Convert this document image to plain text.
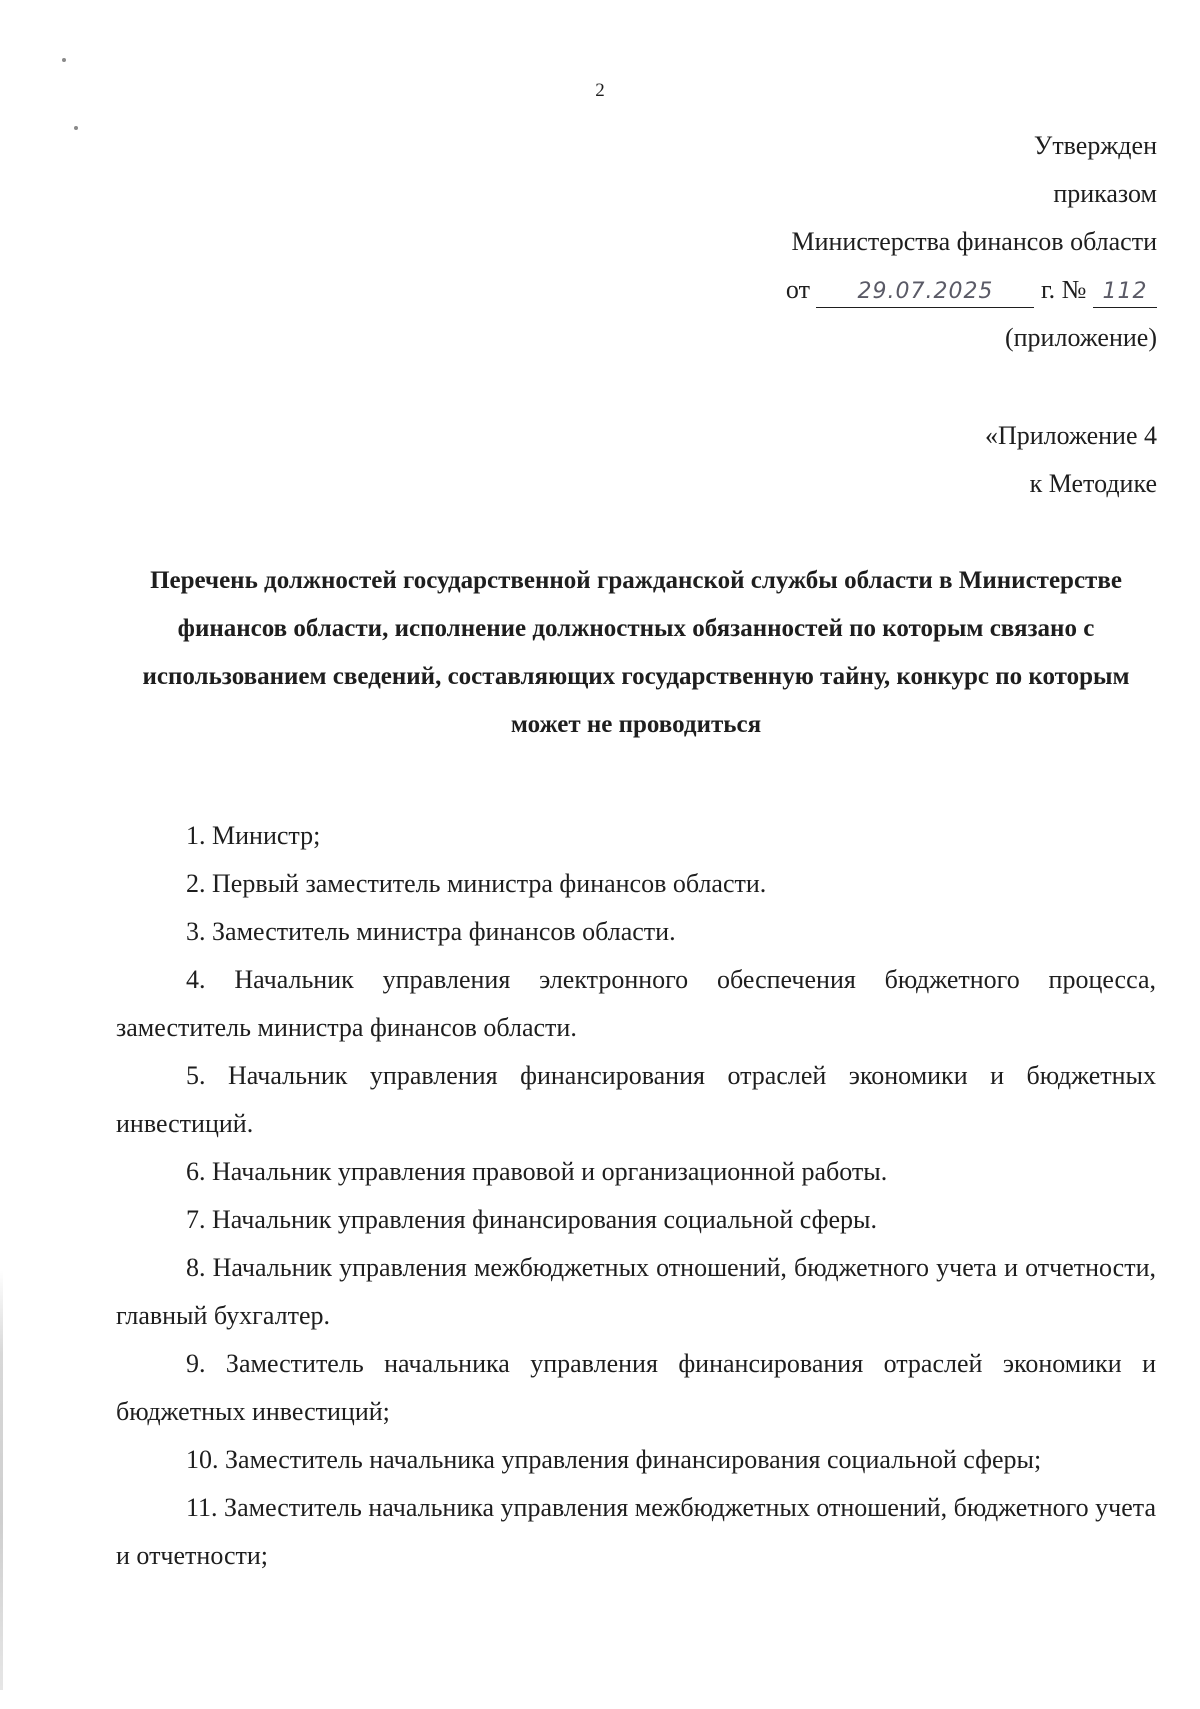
2
Утвержден
приказом
Министерства финансов области
от 29.07.2025 г. № 112
(приложение)
«Приложение 4
к Методике
Перечень должностей государственной гражданской службы области в Министерстве финансов области, исполнение должностных обязанностей по которым связано с использованием сведений, составляющих государственную тайну, конкурс по которым может не проводиться
1. Министр;
2. Первый заместитель министра финансов области.
3. Заместитель министра финансов области.
4. Начальник управления электронного обеспечения бюджетного процесса, заместитель министра финансов области.
5. Начальник управления финансирования отраслей экономики и бюджетных инвестиций.
6. Начальник управления правовой и организационной работы.
7. Начальник управления финансирования социальной сферы.
8. Начальник управления межбюджетных отношений, бюджетного учета и отчетности, главный бухгалтер.
9. Заместитель начальника управления финансирования отраслей экономики и бюджетных инвестиций;
10. Заместитель начальника управления финансирования социальной сферы;
11. Заместитель начальника управления межбюджетных отношений, бюджетного учета и отчетности;
